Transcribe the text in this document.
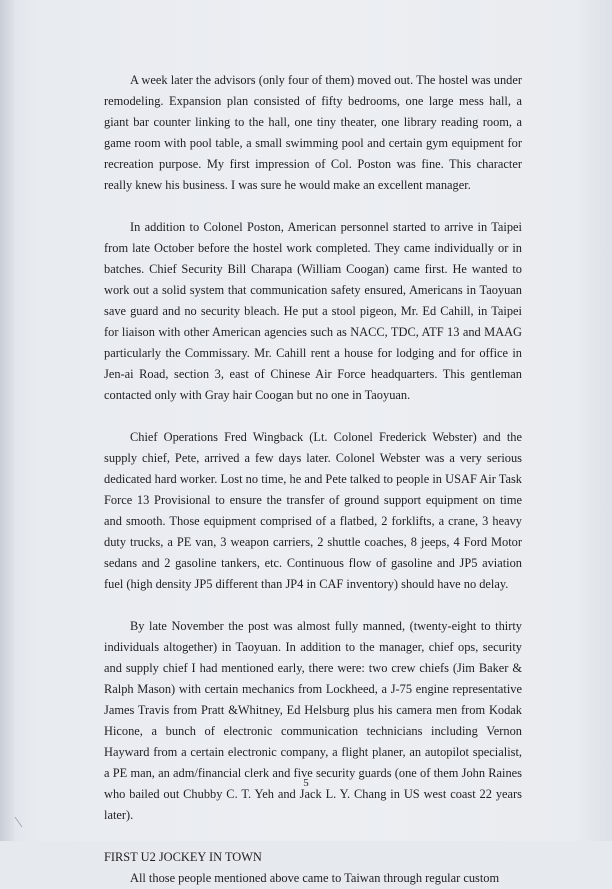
A week later the advisors (only four of them) moved out. The hostel was under remodeling. Expansion plan consisted of fifty bedrooms, one large mess hall, a giant bar counter linking to the hall, one tiny theater, one library reading room, a game room with pool table, a small swimming pool and certain gym equipment for recreation purpose. My first impression of Col. Poston was fine. This character really knew his business. I was sure he would make an excellent manager.

In addition to Colonel Poston, American personnel started to arrive in Taipei from late October before the hostel work completed. They came individually or in batches. Chief Security Bill Charapa (William Coogan) came first. He wanted to work out a solid system that communication safety ensured, Americans in Taoyuan save guard and no security bleach. He put a stool pigeon, Mr. Ed Cahill, in Taipei for liaison with other American agencies such as NACC, TDC, ATF 13 and MAAG particularly the Commissary. Mr. Cahill rent a house for lodging and for office in Jen-ai Road, section 3, east of Chinese Air Force headquarters. This gentleman contacted only with Gray hair Coogan but no one in Taoyuan.

Chief Operations Fred Wingback (Lt. Colonel Frederick Webster) and the supply chief, Pete, arrived a few days later. Colonel Webster was a very serious dedicated hard worker. Lost no time, he and Pete talked to people in USAF Air Task Force 13 Provisional to ensure the transfer of ground support equipment on time and smooth. Those equipment comprised of a flatbed, 2 forklifts, a crane, 3 heavy duty trucks, a PE van, 3 weapon carriers, 2 shuttle coaches, 8 jeeps, 4 Ford Motor sedans and 2 gasoline tankers, etc. Continuous flow of gasoline and JP5 aviation fuel (high density JP5 different than JP4 in CAF inventory) should have no delay.

By late November the post was almost fully manned, (twenty-eight to thirty individuals altogether) in Taoyuan. In addition to the manager, chief ops, security and supply chief I had mentioned early, there were: two crew chiefs (Jim Baker & Ralph Mason) with certain mechanics from Lockheed, a J-75 engine representative James Travis from Pratt &Whitney, Ed Helsburg plus his camera men from Kodak Hicone, a bunch of electronic communication technicians including Vernon Hayward from a certain electronic company, a flight planer, an autopilot specialist, a PE man, an adm/financial clerk and five security guards (one of them John Raines who bailed out Chubby C. T. Yeh and Jack L. Y. Chang in US west coast 22 years later).

FIRST U2 JOCKEY IN TOWN

All those people mentioned above came to Taiwan through regular custom

5
